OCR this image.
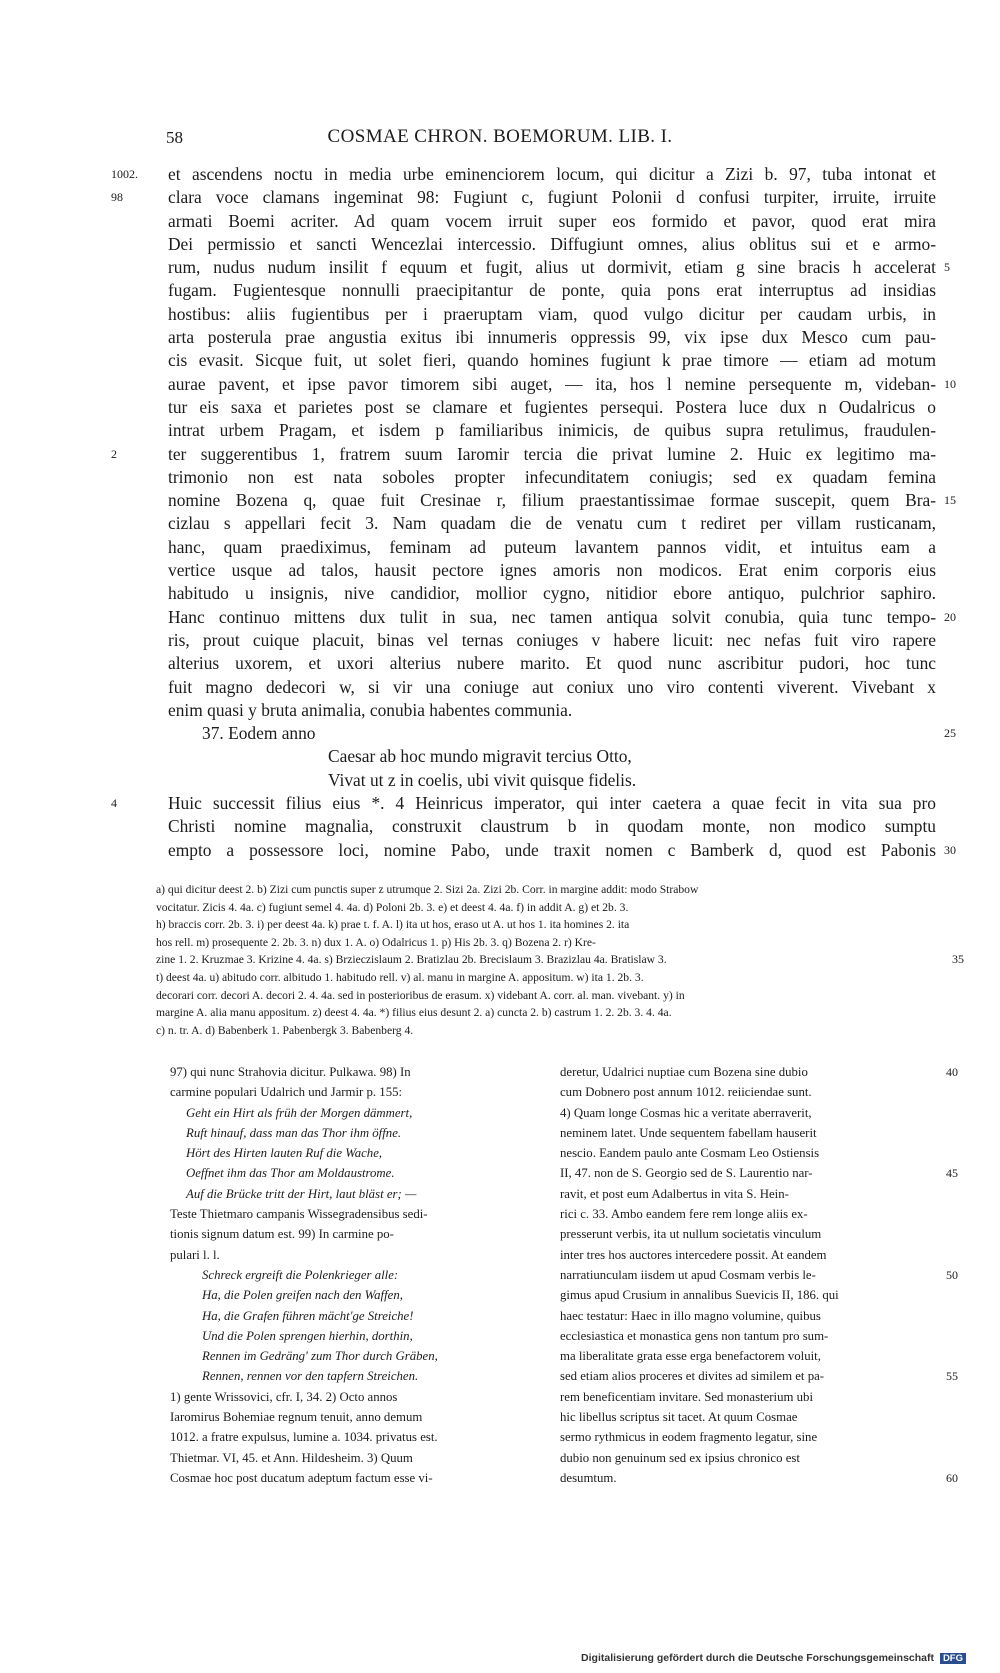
58	COSMAE CHRON. BOEMORUM. LIB. I.
1002.	et ascendens noctu in media urbe eminenciorem locum, qui dicitur a Zizi b. 97, tuba intonat et
98	clara voce clamans ingeminat 98: Fugiunt c, fugiunt Polonii d confusi turpiter, irruite, irruite
armati Boemi acriter. Ad quam vocem irruit super eos formido et pavor, quod erat mira
Dei permissio et sancti Wencezlai intercessio. Diffugiunt omnes, alius oblitus sui et e armo-
rum, nudus nudum insilit f equum et fugit, alius ut dormivit, etiam g sine bracis h accelerat 5
fugam. Fugientesque nonnulli praecipitantur de ponte, quia pons erat interruptus ad insidias
hostibus: aliis fugientibus per i praeruptam viam, quod vulgo dicitur per caudam urbis, in
arta posterula prae angustia exitus ibi innumeris oppressis 99, vix ipse dux Mesco cum pau-
cis evasit. Sicque fuit, ut solet fieri, quando homines fugiunt k prae timore — etiam ad motum
aurae pavent, et ipse pavor timorem sibi auget, — ita, hos l nemine persequente m, videban- 10
tur eis saxa et parietes post se clamare et fugientes persequi. Postera luce dux n Oudalricus o
intrat urbem Pragam, et isdem p familiaribus inimicis, de quibus supra retulimus, fraudulen-
2	ter suggerentibus 1, fratrem suum Iaromir tercia die privat lumine 2. Huic ex legitimo ma-
trimonio non est nata soboles propter infecunditatem coniugis; sed ex quadam femina
nomine Bozena q, quae fuit Cresinae r, filium praestantissimae formae suscepit, quem Bra- 15
cizlau s appellari fecit 3. Nam quadam die de venatu cum t rediret per villam rusticanam,
hanc, quam praediximus, feminam ad puteum lavantem pannos vidit, et intuitus eam a
vertice usque ad talos, hausit pectore ignes amoris non modicos. Erat enim corporis eius
habitudo u insignis, nive candidior, mollior cygno, nitidior ebore antiquo, pulchrior saphiro.
Hanc continuo mittens dux tulit in sua, nec tamen antiqua solvit conubia, quia tunc tempo- 20
ris, prout cuique placuit, binas vel ternas coniuges v habere licuit: nec nefas fuit viro rapere
alterius uxorem, et uxori alterius nubere marito. Et quod nunc ascribitur pudori, hoc tunc
fuit magno dedecori w, si vir una coniuge aut coniux uno viro contenti viverent. Vivebant x
enim quasi y bruta animalia, conubia habentes communia.
37. Eodem anno	25
Caesar ab hoc mundo migravit tercius Otto,
Vivat ut z in coelis, ubi vivit quisque fidelis.
4	Huic successit filius eius *. 4 Heinricus imperator, qui inter caetera a quae fecit in vita sua pro
Christi nomine magnalia, construxit claustrum b in quodam monte, non modico sumptu
empto a possessore loci, nomine Pabo, unde traxit nomen c Bamberk d, quod est Pabonis 30
a) qui dicitur deest 2. b) Zizi cum punctis super z utrumque 2. Sizi 2a. Zizi 2b. Corr. in margine addit: modo Strabow
vocitatur. Zicis 4. 4a. c) fugiunt semel 4. 4a. d) Poloni 2b. 3. e) et deest 4. 4a. f) in addit A. g) et 2b. 3.
h) braccis corr. 2b. 3. i) per deest 4a. k) prae t. f. A. l) ita ut hos, eraso ut A. ut hos 1. ita homines 2. ita
hos rell. m) prosequente 2. 2b. 3. n) dux 1. A. o) Odalricus 1. p) His 2b. 3. q) Bozena 2. r) Kre-
zine 1. 2. Kruzmae 3. Krizine 4. 4a. s) Brzieczislaum 2. Bratizlau 2b. Brecislaum 3. Brazizlau 4a. Bratislaw 3.	35
t) deest 4a. u) abitudo corr. albitudo 1. habitudo rell. v) al. manu in margine A. appositum. w) ita 1. 2b. 3.
decorari corr. decori A. decori 2. 4. 4a. sed in posterioribus de erasum. x) videbant A. corr. al. man. vivebant. y) in
margine A. alia manu appositum. z) deest 4. 4a. *) filius eius desunt 2. a) cuncta 2. b) castrum 1. 2. 2b. 3. 4. 4a.
c) n. tr. A. d) Babenberk 1. Pabenbergk 3. Babenberg 4.
97) qui nunc Strahovia dicitur. Pulkawa. 98) In
carmine populari Udalrich und Jarmir p. 155:
Geht ein Hirt als früh der Morgen dämmert,
Ruft hinauf, dass man das Thor ihm öffne.
Hört des Hirten lauten Ruf die Wache,
Oeffnet ihm das Thor am Moldaustrome.
Auf die Brücke tritt der Hirt, laut bläst er; —
Teste Thietmaro campanis Wissegradensibus sedi-
tionis signum datum est. 99) In carmine po-
pulari l. l.
Schreck ergreift die Polenkrieger alle:
Ha, die Polen greifen nach den Waffen,
Ha, die Grafen führen mächt'ge Streiche!
Und die Polen sprengen hierhin, dorthin,
Rennen im Gedräng' zum Thor durch Gräben,
Rennen, rennen vor den tapfern Streichen.
1) gente Wrissovici, cfr. I, 34. 2) Octo annos
Iaromirus Bohemiae regnum tenuit, anno demum
1012. a fratre expulsus, lumine a. 1034. privatus est.
Thietmar. VI, 45. et Ann. Hildesheim. 3) Quum
Cosmae hoc post ducatum adeptum factum esse vi-
deretur, Udalrici nuptiae cum Bozena sine dubio	40
cum Dobnero post annum 1012. reiiciendae sunt.
4) Quam longe Cosmas hic a veritate aberraverit,
neminem latet. Unde sequentem fabellam hauserit
nescio. Eandem paulo ante Cosmam Leo Ostiensis
II, 47. non de S. Georgio sed de S. Laurentio nar-	45
ravit, et post eum Adalbertus in vita S. Hein-
rici c. 33. Ambo eandem fere rem longe aliis ex-
presserunt verbis, ita ut nullum societatis vinculum
inter tres hos auctores intercedere possit. At eandem
narratiunculam iisdem ut apud Cosmam verbis le-	50
gimus apud Crusium in annalibus Suevicis II, 186. qui
haec testatur: Haec in illo magno volumine, quibus
ecclesiastica et monastica gens non tantum pro sum-
ma liberalitate grata esse erga benefactorem voluit,
sed etiam alios proceres et divites ad similem et pa-	55
rem beneficentiam invitare. Sed monasterium ubi
hic libellus scriptus sit tacet. At quum Cosmae
sermo rythmicus in eodem fragmento legatur, sine
dubio non genuinum sed ex ipsius chronico est
desumtum.	60
Digitalisierung gefördert durch die Deutsche Forschungsgemeinschaft DFG
